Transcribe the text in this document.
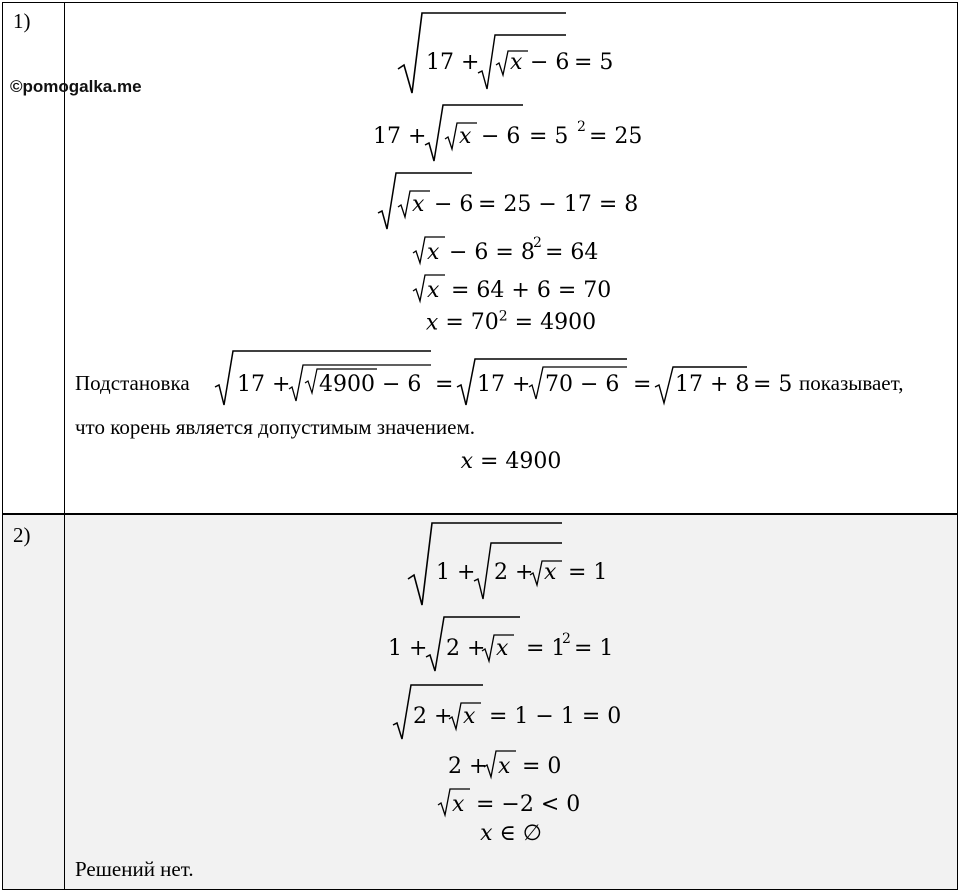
1)
©pomogalka.me
17 + x − 6 = 5
17 + x − 6 = 5 2 = 25
x − 6 = 25 − 17 = 8
x − 6 = 8
2 = 64
x = 64 + 6 = 70
$x = 70^2 = 4900$
Подстановка 17 + 4900 − 6 = 17 + 70 − 6 = 17 + 8 = 5 показывает,
что корень является допустимым значением.
x = 4900
2)
1 + 2 + x = 1
1 + 2 + x = 1
2 = 1
2 + x = 1 − 1 = 0
2 + x = 0
x = −2 < 0
x ∈ ∅
Решений нет.
